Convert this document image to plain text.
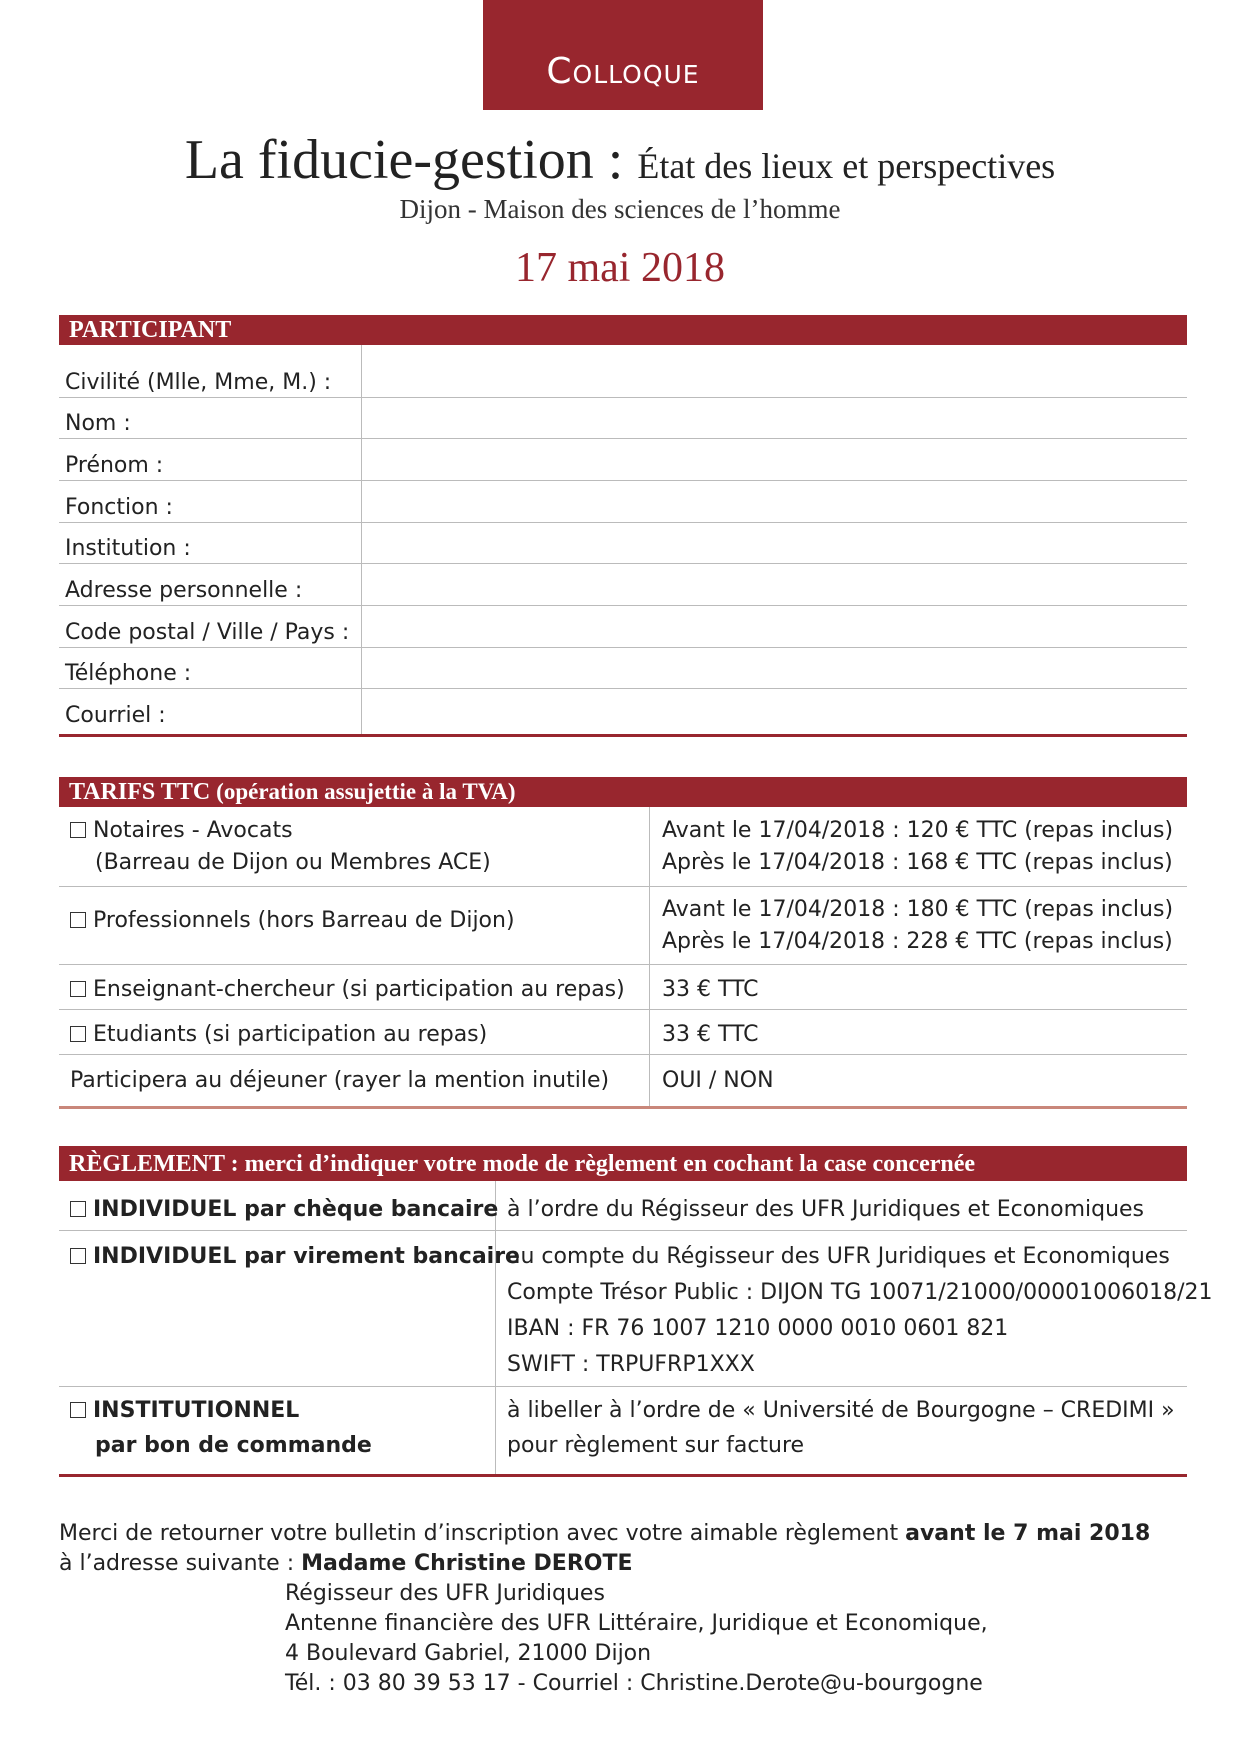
Colloque
La fiducie-gestion : État des lieux et perspectives
Dijon - Maison des sciences de l’homme
17 mai 2018
PARTICIPANT
Civilité (Mlle, Mme, M.) :
Nom :
Prénom :
Fonction :
Institution :
Adresse personnelle :
Code postal / Ville / Pays :
Téléphone :
Courriel :
TARIFS TTC (opération assujettie à la TVA)
Notaires - Avocats
(Barreau de Dijon ou Membres ACE)
Avant le 17/04/2018 : 120 € TTC (repas inclus)
Après le 17/04/2018 : 168 € TTC (repas inclus)
Professionnels (hors Barreau de Dijon)	Avant le 17/04/2018 : 180 € TTC (repas inclus)
Après le 17/04/2018 : 228 € TTC (repas inclus)
Enseignant-chercheur (si participation au repas) 33 € TTC
Etudiants (si participation au repas)	33 € TTC
Participera au déjeuner (rayer la mention inutile) OUI / NON
RÈGLEMENT : merci d’indiquer votre mode de règlement en cochant la case concernée
INDIVIDUEL par chèque bancaire à l’ordre du Régisseur des UFR Juridiques et Economiques
INDIVIDUEL par virement bancaire
au compte du Régisseur des UFR Juridiques et Economiques
Compte Trésor Public : DIJON TG 10071/21000/00001006018/21
IBAN : FR 76 1007 1210 0000 0010 0601 821
SWIFT : TRPUFRP1XXX
INSTITUTIONNEL
par bon de commande
à libeller à l’ordre de « Université de Bourgogne – CREDIMI »
pour règlement sur facture
Merci de retourner votre bulletin d’inscription avec votre aimable règlement avant le 7 mai 2018
à l’adresse suivante : Madame Christine DEROTE
Régisseur des UFR Juridiques
Antenne financière des UFR Littéraire, Juridique et Economique,
4 Boulevard Gabriel, 21000 Dijon
Tél. : 03 80 39 53 17 - Courriel : Christine.Derote@u-bourgogne
